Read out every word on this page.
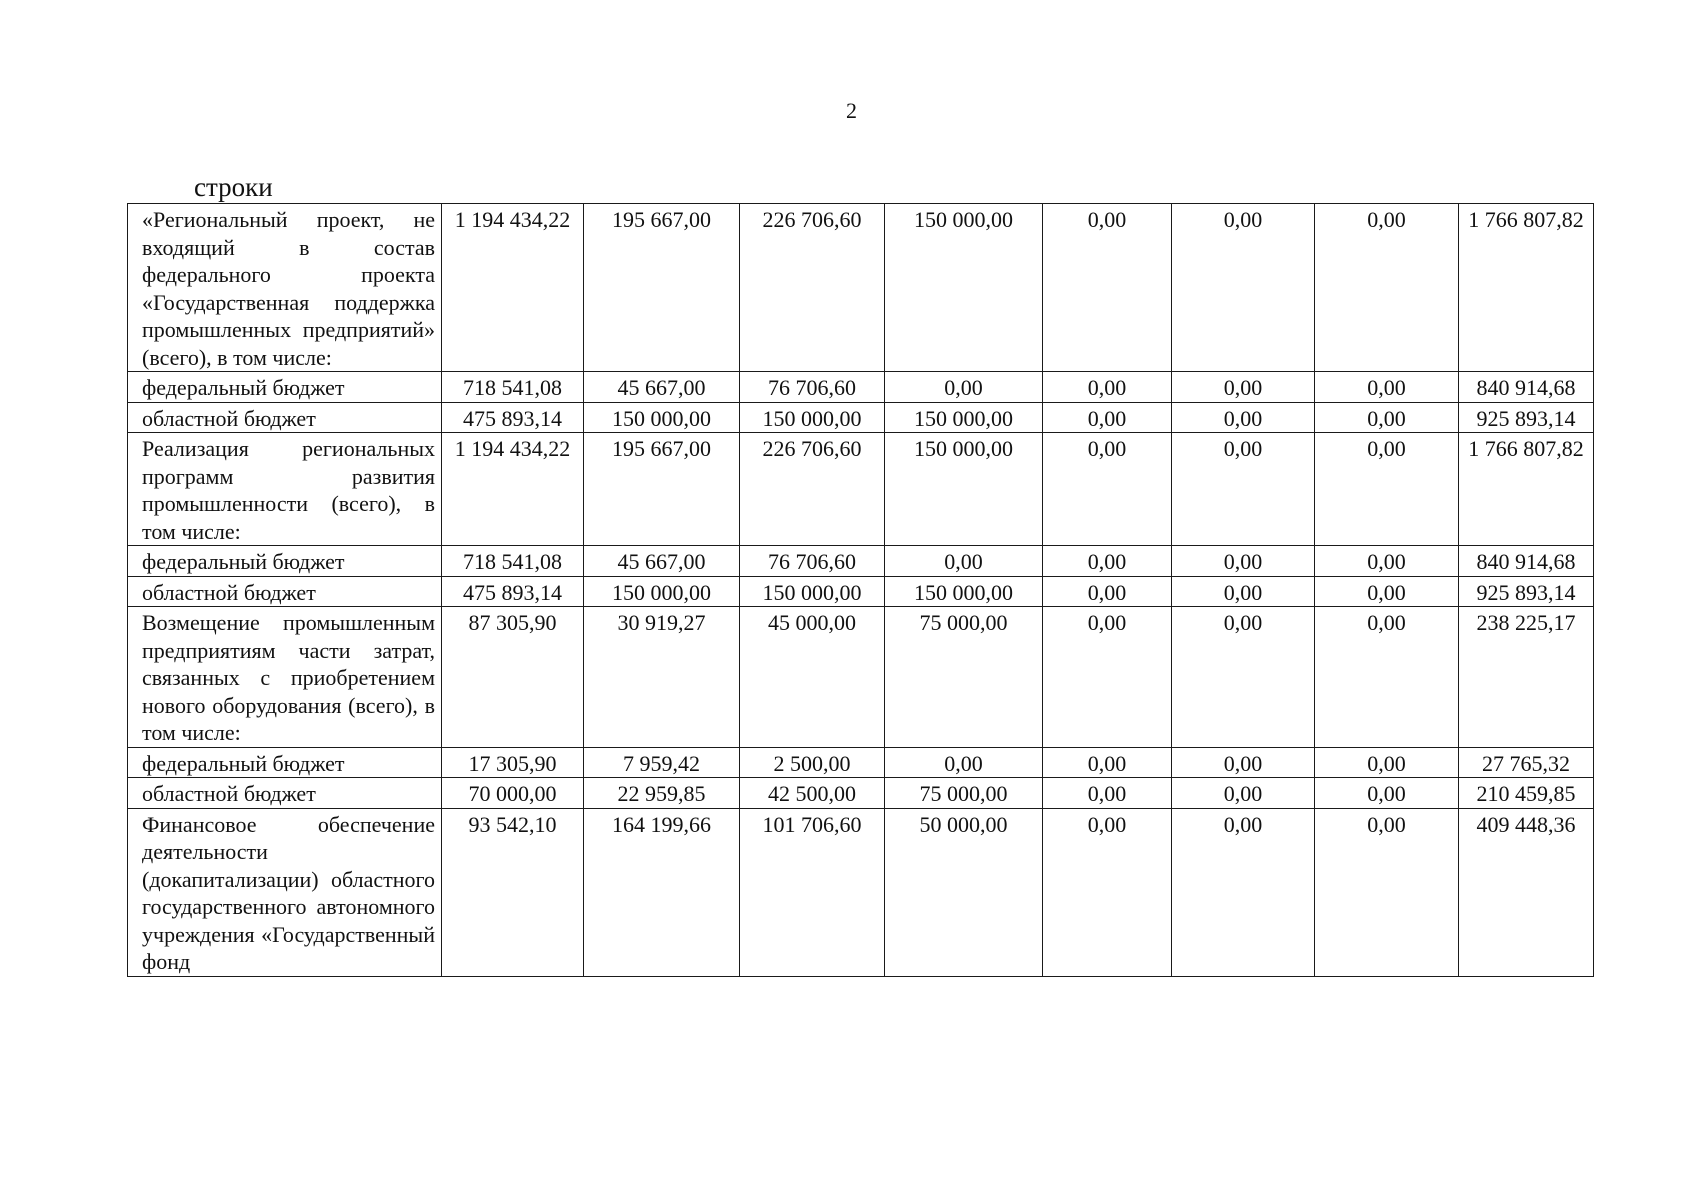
2
строки
«Региональный проект, не входящий в состав федерального проекта «Государственная поддержка промышленных предприятий» (всего), в том числе:	1 194 434,22	195 667,00	226 706,60	150 000,00	0,00	0,00	0,00	1 766 807,82
федеральный бюджет	718 541,08	45 667,00	76 706,60	0,00	0,00	0,00	0,00	840 914,68
областной бюджет	475 893,14	150 000,00	150 000,00	150 000,00	0,00	0,00	0,00	925 893,14
Реализация региональных программ развития промышленности (всего), в том числе:	1 194 434,22	195 667,00	226 706,60	150 000,00	0,00	0,00	0,00	1 766 807,82
федеральный бюджет	718 541,08	45 667,00	76 706,60	0,00	0,00	0,00	0,00	840 914,68
областной бюджет	475 893,14	150 000,00	150 000,00	150 000,00	0,00	0,00	0,00	925 893,14
Возмещение промышленным предприятиям части затрат, связанных с приобретением нового оборудования (всего), в том числе:	87 305,90	30 919,27	45 000,00	75 000,00	0,00	0,00	0,00	238 225,17
федеральный бюджет	17 305,90	7 959,42	2 500,00	0,00	0,00	0,00	0,00	27 765,32
областной бюджет	70 000,00	22 959,85	42 500,00	75 000,00	0,00	0,00	0,00	210 459,85
Финансовое обеспечение деятельности (докапитализации) областного государственного автономного учреждения «Государственный фонд	93 542,10	164 199,66	101 706,60	50 000,00	0,00	0,00	0,00	409 448,36
